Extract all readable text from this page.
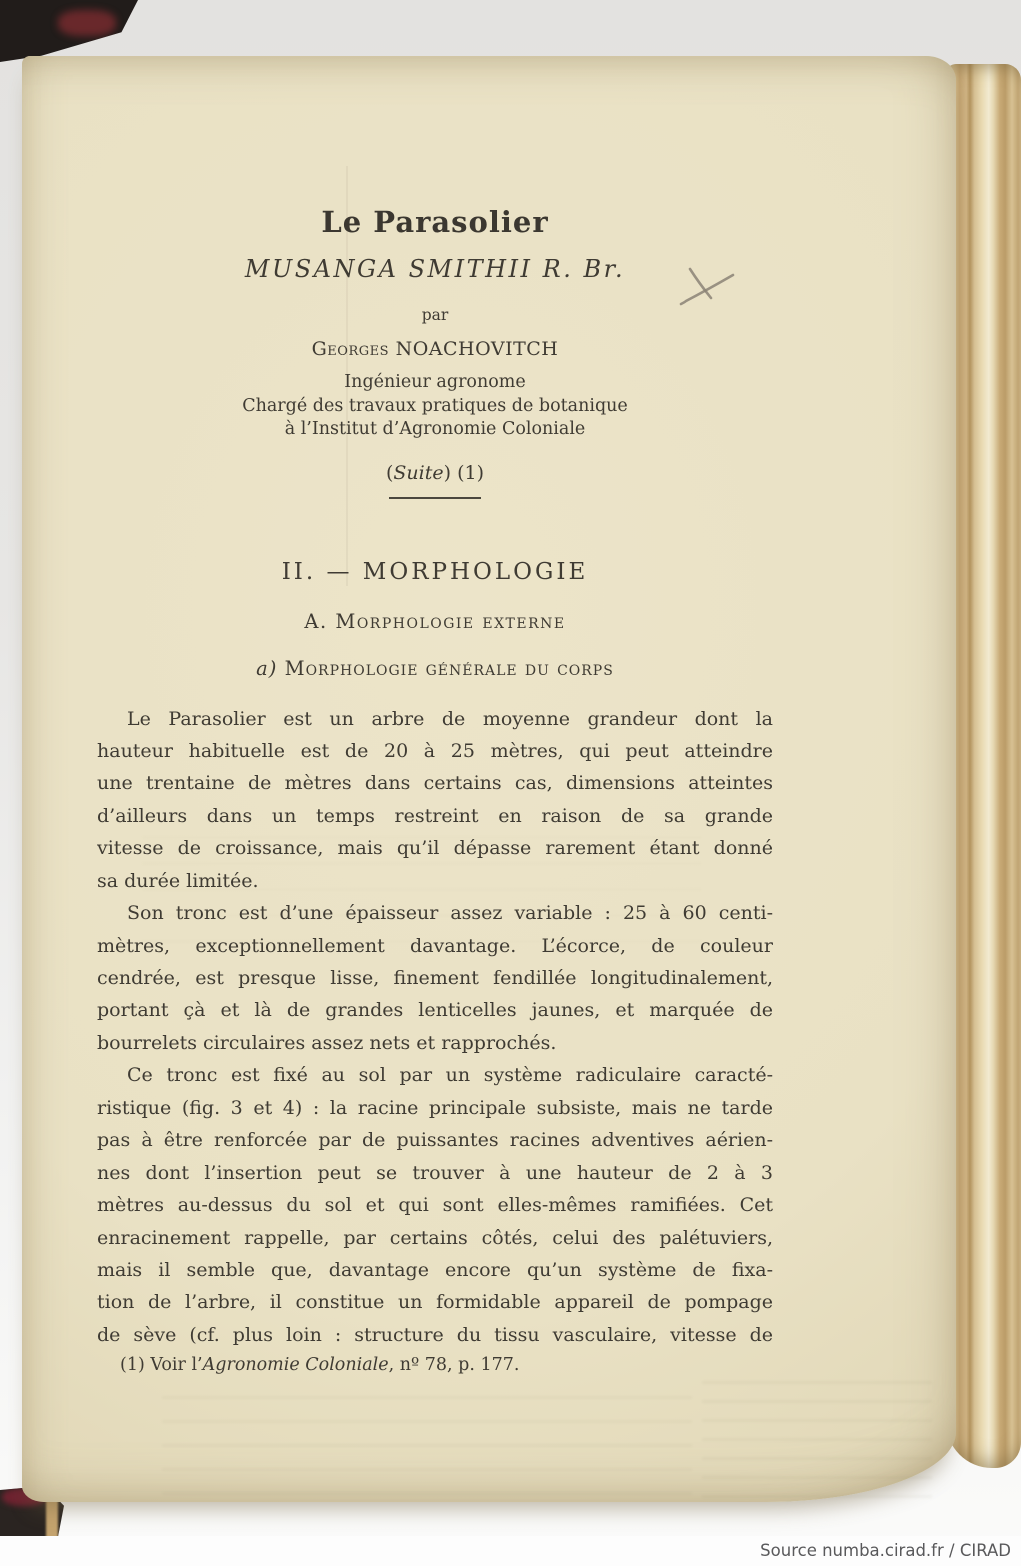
Le Parasolier
MUSANGA SMITHII R. Br.
par
Georges NOACHOVITCH
Ingénieur agronome
Chargé des travaux pratiques de botanique
à l’Institut d’Agronomie Coloniale
(Suite) (1)
II. — MORPHOLOGIE
A. Morphologie externe
a) Morphologie générale du corps
Le Parasolier est un arbre de moyenne grandeur dont la
hauteur habituelle est de 20 à 25 mètres, qui peut atteindre
une trentaine de mètres dans certains cas, dimensions atteintes
d’ailleurs dans un temps restreint en raison de sa grande
vitesse de croissance, mais qu’il dépasse rarement étant donné
sa durée limitée.
Son tronc est d’une épaisseur assez variable : 25 à 60 centi-
mètres, exceptionnellement davantage. L’écorce, de couleur
cendrée, est presque lisse, finement fendillée longitudinalement,
portant çà et là de grandes lenticelles jaunes, et marquée de
bourrelets circulaires assez nets et rapprochés.
Ce tronc est fixé au sol par un système radiculaire caracté-
ristique (fig. 3 et 4) : la racine principale subsiste, mais ne tarde
pas à être renforcée par de puissantes racines adventives aérien-
nes dont l’insertion peut se trouver à une hauteur de 2 à 3
mètres au-dessus du sol et qui sont elles-mêmes ramifiées. Cet
enracinement rappelle, par certains côtés, celui des palétuviers,
mais il semble que, davantage encore qu’un système de fixa-
tion de l’arbre, il constitue un formidable appareil de pompage
de sève (cf. plus loin : structure du tissu vasculaire, vitesse de
(1) Voir l’Agronomie Coloniale, nº 78, p. 177.
Source numba.cirad.fr / CIRAD
